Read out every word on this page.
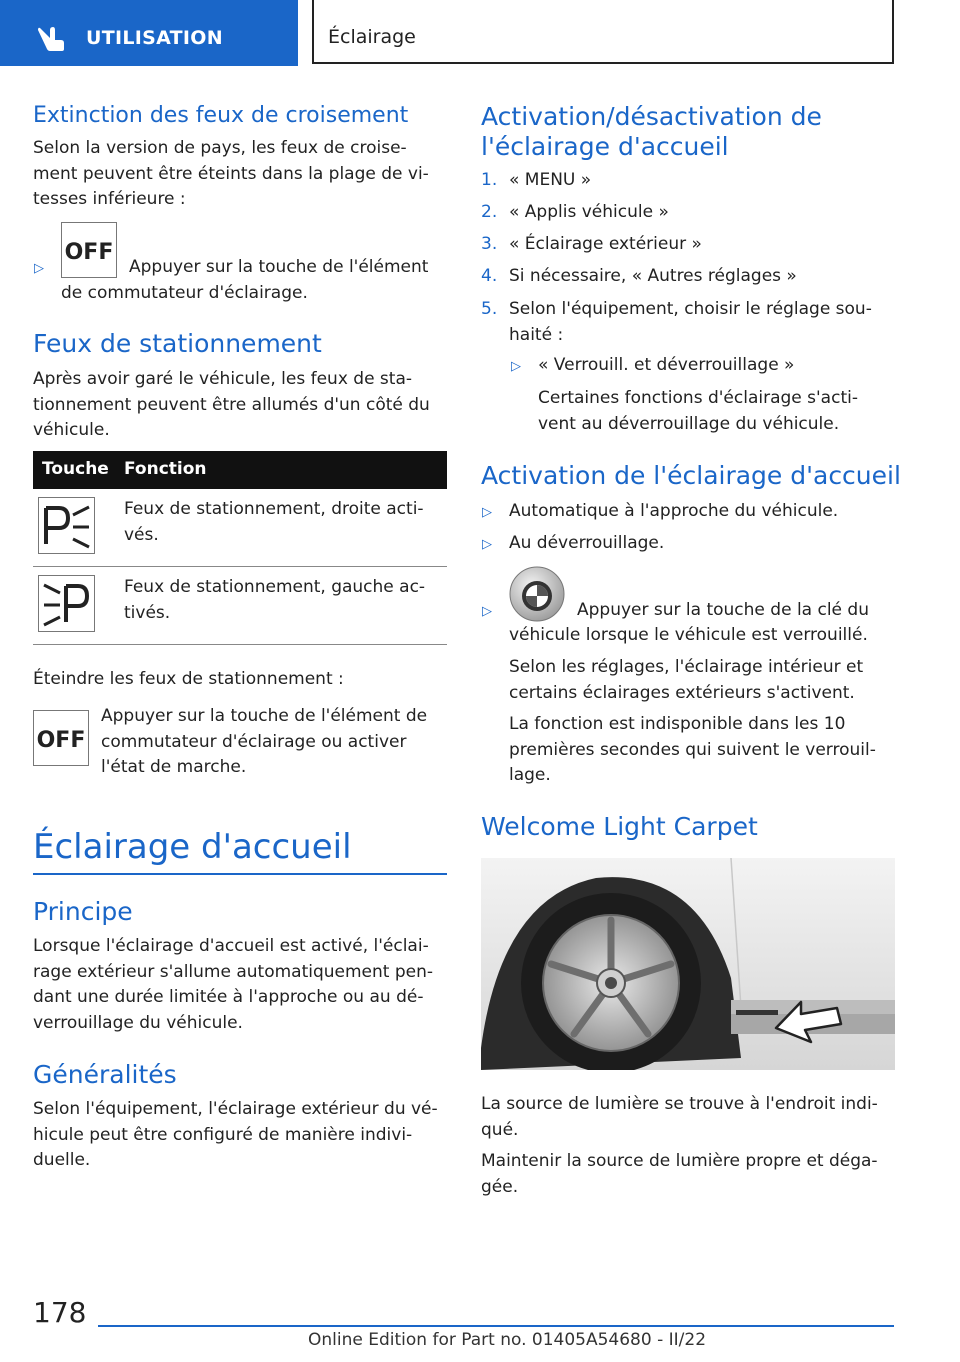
UTILISATION	Éclairage
Extinction des feux de croisement
Selon la version de pays, les feux de croise-
ment peuvent être éteints dans la plage de vi-
tesses inférieure :
▷
OFF
Appuyer sur la touche de l'élément
de commutateur d'éclairage.
Feux de stationnement
Après avoir garé le véhicule, les feux de sta-
tionnement peuvent être allumés d'un côté du
véhicule.
Touche Fonction
Feux de stationnement, droite acti-
vés.
Feux de stationnement, gauche ac-
tivés.
Éteindre les feux de stationnement :
OFF
Appuyer sur la touche de l'élément de
commutateur d'éclairage ou activer
l'état de marche.
Éclairage d'accueil
Principe
Lorsque l'éclairage d'accueil est activé, l'éclai-
rage extérieur s'allume automatiquement pen-
dant une durée limitée à l'approche ou au dé-
verrouillage du véhicule.
Généralités
Selon l'équipement, l'éclairage extérieur du vé-
hicule peut être configuré de manière indivi-
duelle.
Activation/désactivation de
l'éclairage d'accueil
1. « MENU »
2. « Applis véhicule »
3. « Éclairage extérieur »
4. Si nécessaire, « Autres réglages »
5. Selon l'équipement, choisir le réglage sou-
haité :
▷ « Verrouill. et déverrouillage »
Certaines fonctions d'éclairage s'acti-
vent au déverrouillage du véhicule.
Activation de l'éclairage d'accueil
▷ Automatique à l'approche du véhicule.
▷ Au déverrouillage.
▷	Appuyer sur la touche de la clé du
véhicule lorsque le véhicule est verrouillé.
Selon les réglages, l'éclairage intérieur et
certains éclairages extérieurs s'activent.
La fonction est indisponible dans les 10
premières secondes qui suivent le verrouil-
lage.
Welcome Light Carpet
La source de lumière se trouve à l'endroit indi-
qué.
Maintenir la source de lumière propre et déga-
gée.
178
Online Edition for Part no. 01405A54680 - II/22
